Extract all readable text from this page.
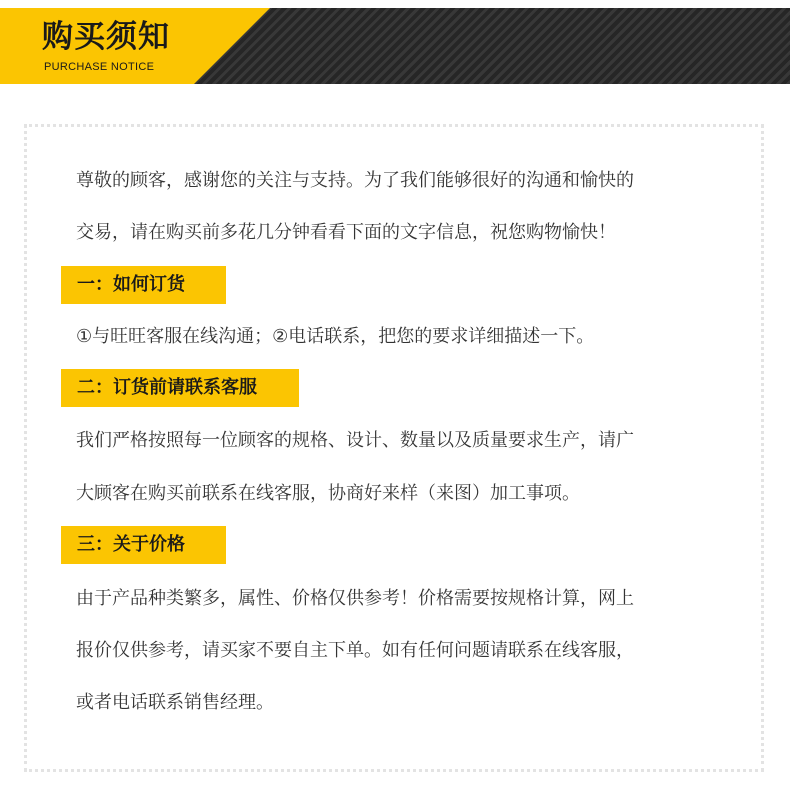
购买须知
PURCHASE NOTICE
尊敬的顾客，感谢您的关注与支持。为了我们能够很好的沟通和愉快的
交易，请在购买前多花几分钟看看下面的文字信息，祝您购物愉快！
一：如何订货
①与旺旺客服在线沟通；②电话联系，把您的要求详细描述一下。
二：订货前请联系客服
我们严格按照每一位顾客的规格、设计、数量以及质量要求生产，请广
大顾客在购买前联系在线客服，协商好来样（来图）加工事项。
三：关于价格
由于产品种类繁多，属性、价格仅供参考！价格需要按规格计算，网上
报价仅供参考，请买家不要自主下单。如有任何问题请联系在线客服，
或者电话联系销售经理。
